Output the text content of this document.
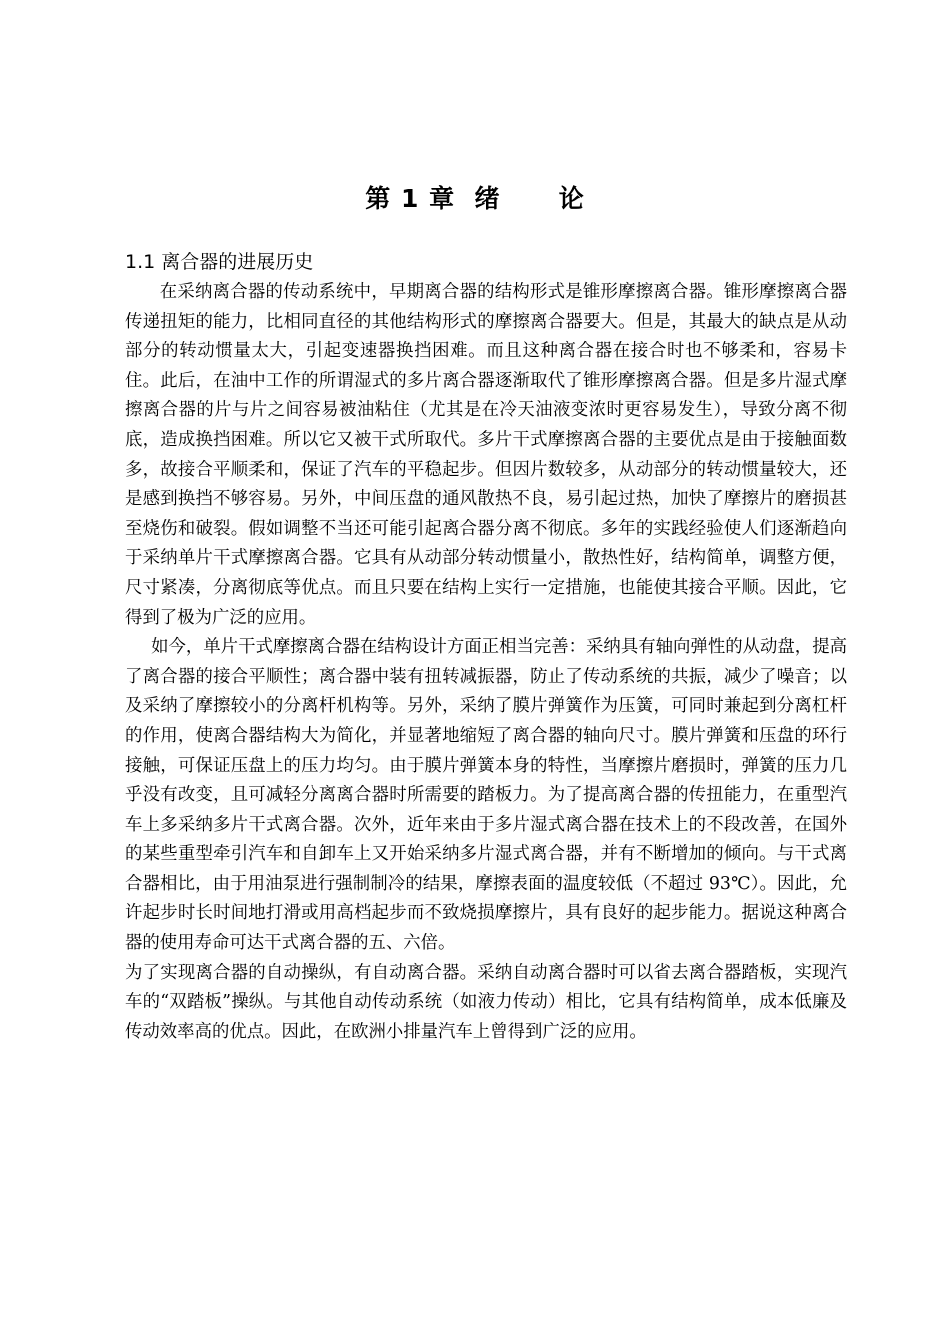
第 1 章  绪      论
1.1 离合器的进展历史

在采纳离合器的传动系统中，早期离合器的结构形式是锥形摩擦离合器。锥形摩擦离合器传递扭矩的能力，比相同直径的其他结构形式的摩擦离合器要大。但是，其最大的缺点是从动部分的转动惯量太大，引起变速器换挡困难。而且这种离合器在接合时也不够柔和，容易卡住。此后，在油中工作的所谓湿式的多片离合器逐渐取代了锥形摩擦离合器。但是多片湿式摩擦离合器的片与片之间容易被油粘住（尤其是在冷天油液变浓时更容易发生），导致分离不彻底，造成换挡困难。所以它又被干式所取代。多片干式摩擦离合器的主要优点是由于接触面数多，故接合平顺柔和，保证了汽车的平稳起步。但因片数较多，从动部分的转动惯量较大，还是感到换挡不够容易。另外，中间压盘的通风散热不良，易引起过热，加快了摩擦片的磨损甚至烧伤和破裂。假如调整不当还可能引起离合器分离不彻底。多年的实践经验使人们逐渐趋向于采纳单片干式摩擦离合器。它具有从动部分转动惯量小，散热性好，结构简单，调整方便，尺寸紧凑，分离彻底等优点。而且只要在结构上实行一定措施，也能使其接合平顺。因此，它得到了极为广泛的应用。

如今，单片干式摩擦离合器在结构设计方面正相当完善：采纳具有轴向弹性的从动盘，提高了离合器的接合平顺性；离合器中装有扭转减振器，防止了传动系统的共振，减少了噪音；以及采纳了摩擦较小的分离杆机构等。另外，采纳了膜片弹簧作为压簧，可同时兼起到分离杠杆的作用，使离合器结构大为简化，并显著地缩短了离合器的轴向尺寸。膜片弹簧和压盘的环行接触，可保证压盘上的压力均匀。由于膜片弹簧本身的特性，当摩擦片磨损时，弹簧的压力几乎没有改变，且可减轻分离离合器时所需要的踏板力。为了提高离合器的传扭能力，在重型汽车上多采纳多片干式离合器。次外，近年来由于多片湿式离合器在技术上的不段改善，在国外的某些重型牵引汽车和自卸车上又开始采纳多片湿式离合器，并有不断增加的倾向。与干式离合器相比，由于用油泵进行强制制冷的结果，摩擦表面的温度较低（不超过 93℃）。因此，允许起步时长时间地打滑或用高档起步而不致烧损摩擦片，具有良好的起步能力。据说这种离合器的使用寿命可达干式离合器的五、六倍。

为了实现离合器的自动操纵，有自动离合器。采纳自动离合器时可以省去离合器踏板，实现汽车的“双踏板”操纵。与其他自动传动系统（如液力传动）相比，它具有结构简单，成本低廉及传动效率高的优点。因此，在欧洲小排量汽车上曾得到广泛的应用。
